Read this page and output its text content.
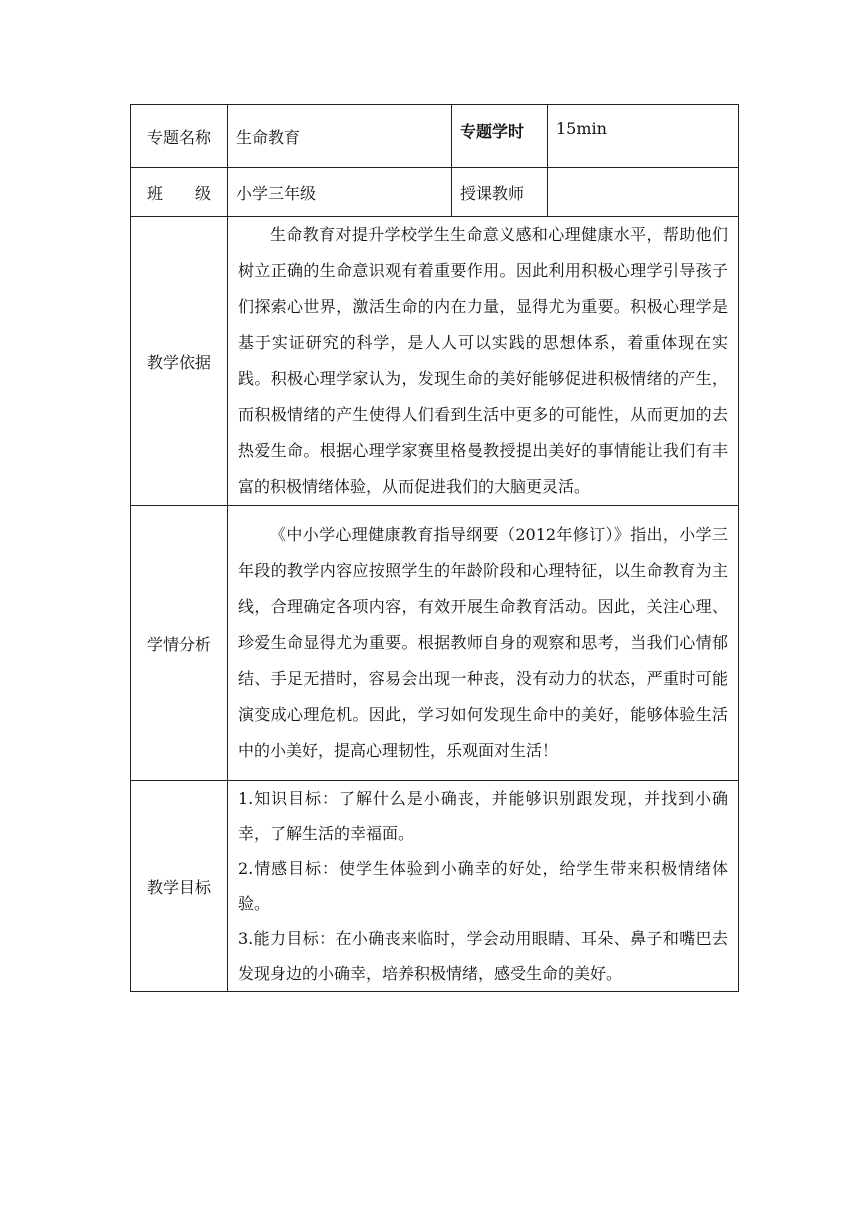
专题名称	生命教育	专题学时	15min

班 级	小学三年级	授课教师	
教学依据	生命教育对提升学校学生生命意义感和心理健康水平，帮助他们树立正确的生命意识观有着重要作用。因此利用积极心理学引导孩子们探索心世界，激活生命的内在力量，显得尤为重要。积极心理学是基于实证研究的科学，是人人可以实践的思想体系，着重体现在实践。积极心理学家认为，发现生命的美好能够促进积极情绪的产生，而积极情绪的产生使得人们看到生活中更多的可能性，从而更加的去热爱生命。根据心理学家赛里格曼教授提出美好的事情能让我们有丰富的积极情绪体验，从而促进我们的大脑更灵活。		

学情分析	《中小学心理健康教育指导纲要（2012年修订）》指出，小学三年段的教学内容应按照学生的年龄阶段和心理特征，以生命教育为主线，合理确定各项内容，有效开展生命教育活动。因此，关注心理、珍爱生命显得尤为重要。根据教师自身的观察和思考，当我们心情郁结、手足无措时，容易会出现一种丧，没有动力的状态，严重时可能演变成心理危机。因此，学习如何发现生命中的美好，能够体验生活中的小美好，提高心理韧性，乐观面对生活！		

教学目标	1.知识目标：了解什么是小确丧，并能够识别跟发现，并找到小确幸，了解生活的幸福面。

2.情感目标：使学生体验到小确幸的好处，给学生带来积极情绪体验。

3.能力目标：在小确丧来临时，学会动用眼睛、耳朵、鼻子和嘴巴去发现身边的小确幸，培养积极情绪，感受生命的美好。		
